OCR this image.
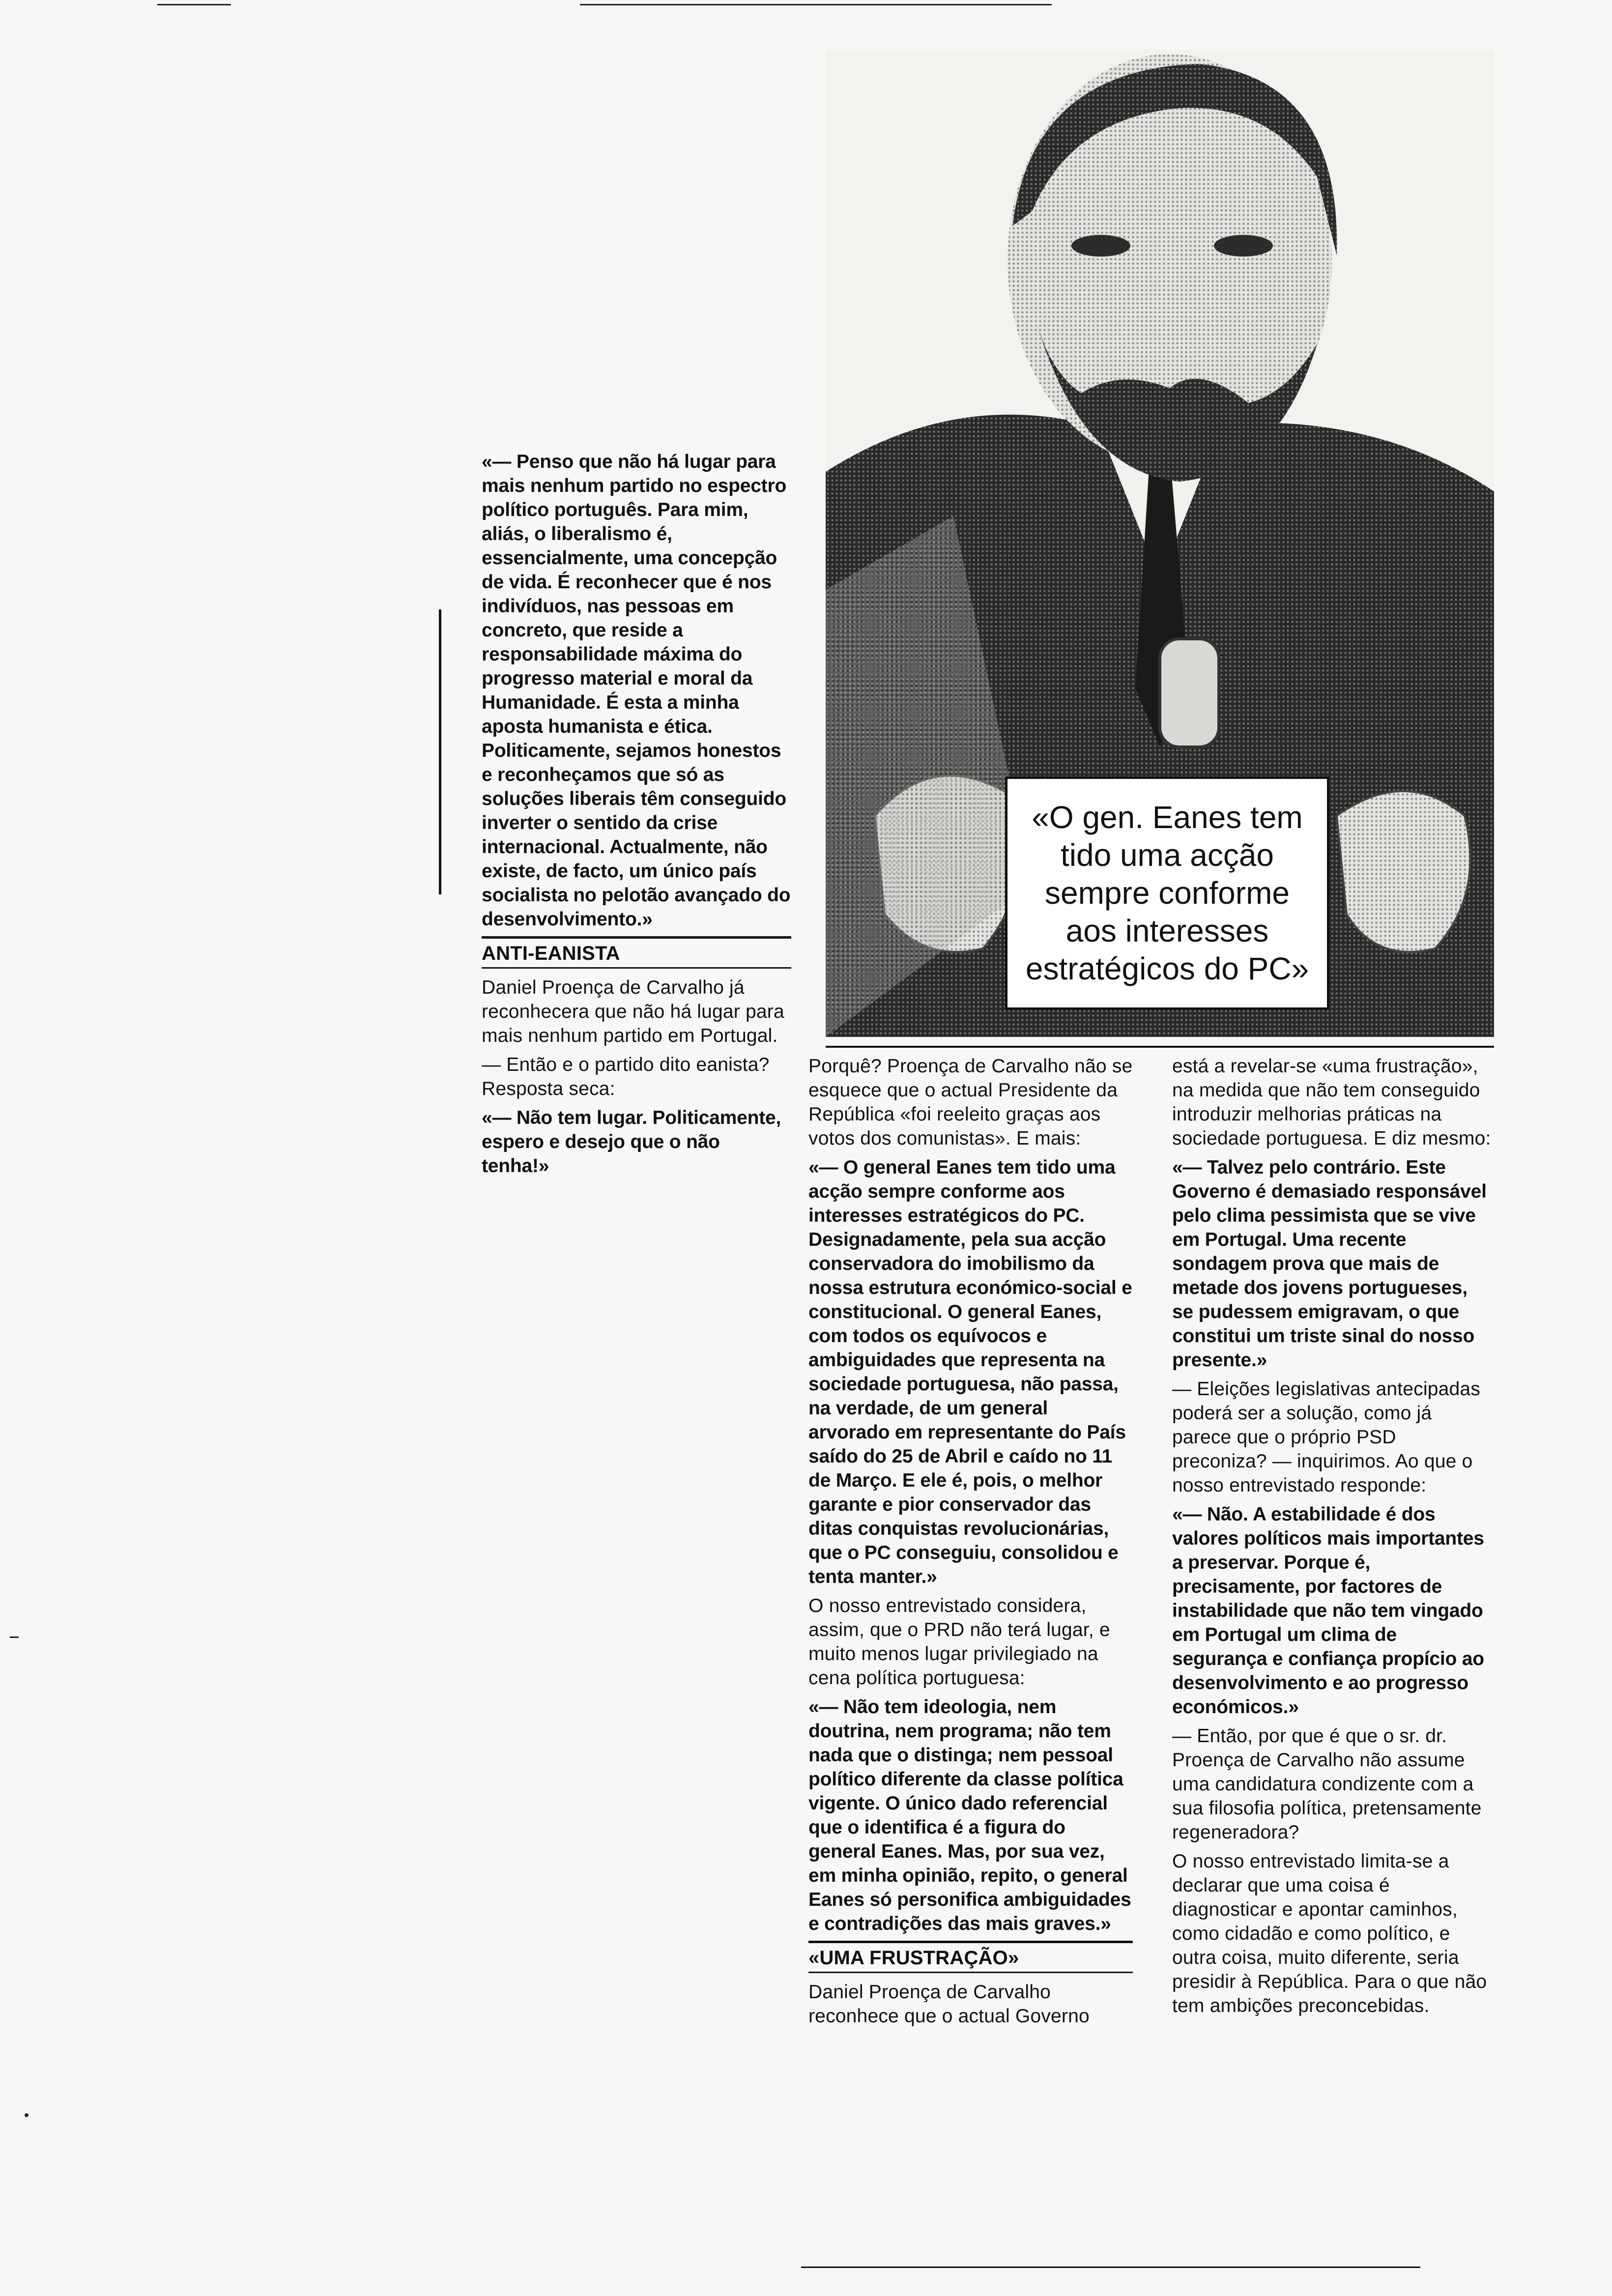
«O gen. Eanes tem tido uma acção sempre conforme aos interesses estratégicos do PC»

«— Penso que não há lugar para mais nenhum partido no espectro político português. Para mim, aliás, o liberalismo é, essencialmente, uma concepção de vida. É reconhecer que é nos indivíduos, nas pessoas em concreto, que reside a responsabilidade máxima do progresso material e moral da Humanidade. É esta a minha aposta humanista e ética. Politicamente, sejamos honestos e reconheçamos que só as soluções liberais têm conseguido inverter o sentido da crise internacional. Actualmente, não existe, de facto, um único país socialista no pelotão avançado do desenvolvimento.»

ANTI-EANISTA

Daniel Proença de Carvalho já reconhecera que não há lugar para mais nenhum partido em Portugal.

— Então e o partido dito eanista? Resposta seca:

«— Não tem lugar. Politicamente, espero e desejo que o não tenha!»

Porquê? Proença de Carvalho não se esquece que o actual Presidente da República «foi reeleito graças aos votos dos comunistas». E mais:

«— O general Eanes tem tido uma acção sempre conforme aos interesses estratégicos do PC. Designadamente, pela sua acção conservadora do imobilismo da nossa estrutura económico-social e constitucional. O general Eanes, com todos os equívocos e ambiguidades que representa na sociedade portuguesa, não passa, na verdade, de um general arvorado em representante do País saído do 25 de Abril e caído no 11 de Março. E ele é, pois, o melhor garante e pior conservador das ditas conquistas revolucionárias, que o PC conseguiu, consolidou e tenta manter.»

O nosso entrevistado considera, assim, que o PRD não terá lugar, e muito menos lugar privilegiado na cena política portuguesa:

«— Não tem ideologia, nem doutrina, nem programa; não tem nada que o distinga; nem pessoal político diferente da classe política vigente. O único dado referencial que o identifica é a figura do general Eanes. Mas, por sua vez, em minha opinião, repito, o general Eanes só personifica ambiguidades e contradições das mais graves.»

«UMA FRUSTRAÇÃO»

Daniel Proença de Carvalho reconhece que o actual Governo

está a revelar-se «uma frustração», na medida que não tem conseguido introduzir melhorias práticas na sociedade portuguesa. E diz mesmo:

«— Talvez pelo contrário. Este Governo é demasiado responsável pelo clima pessimista que se vive em Portugal. Uma recente sondagem prova que mais de metade dos jovens portugueses, se pudessem emigravam, o que constitui um triste sinal do nosso presente.»

— Eleições legislativas antecipadas poderá ser a solução, como já parece que o próprio PSD preconiza? — inquirimos. Ao que o nosso entrevistado responde:

«— Não. A estabilidade é dos valores políticos mais importantes a preservar. Porque é, precisamente, por factores de instabilidade que não tem vingado em Portugal um clima de segurança e confiança propício ao desenvolvimento e ao progresso económicos.»

— Então, por que é que o sr. dr. Proença de Carvalho não assume uma candidatura condizente com a sua filosofia política, pretensamente regeneradora?

O nosso entrevistado limita-se a declarar que uma coisa é diagnosticar e apontar caminhos, como cidadão e como político, e outra coisa, muito diferente, seria presidir à República. Para o que não tem ambições preconcebidas.
